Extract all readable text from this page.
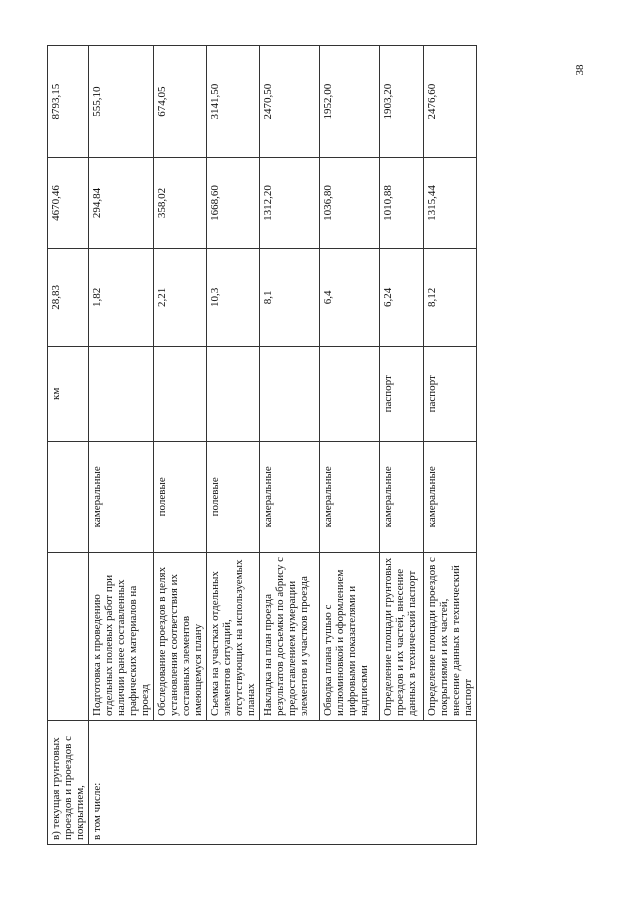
38
в) текущая грунтовых проездов и проездов с покрытием,			км	28,83	4670,46	8793,15
в том числе:	Подготовка к проведению отдельных полевых работ при наличии ранее составленных графических материалов на проезд	камеральные		1,82	294,84	555,10
	Обследование проездов в целях установления соответствия их составных элементов имеющемуся плану	полевые		2,21	358,02	674,05
	Съемка на участках отдельных элементов ситуаций, отсутствующих на используемых планах	полевые		10,3	1668,60	3141,50
	Накладка на план проезда результатов досъемки по абрису с предоставлением нумерации элементов и участков проезда	камеральные		8,1	1312,20	2470,50
	Обводка плана тушью с иллюминовкой и оформлением цифровыми показателями и надписями	камеральные		6,4	1036,80	1952,00
	Определение площади грунтовых проездов и их частей, внесение данных в технический паспорт	камеральные	паспорт	6,24	1010,88	1903,20
	Определение площади проездов с покрытиями и их частей, внесение данных в технический паспорт	камеральные	паспорт	8,12	1315,44	2476,60
